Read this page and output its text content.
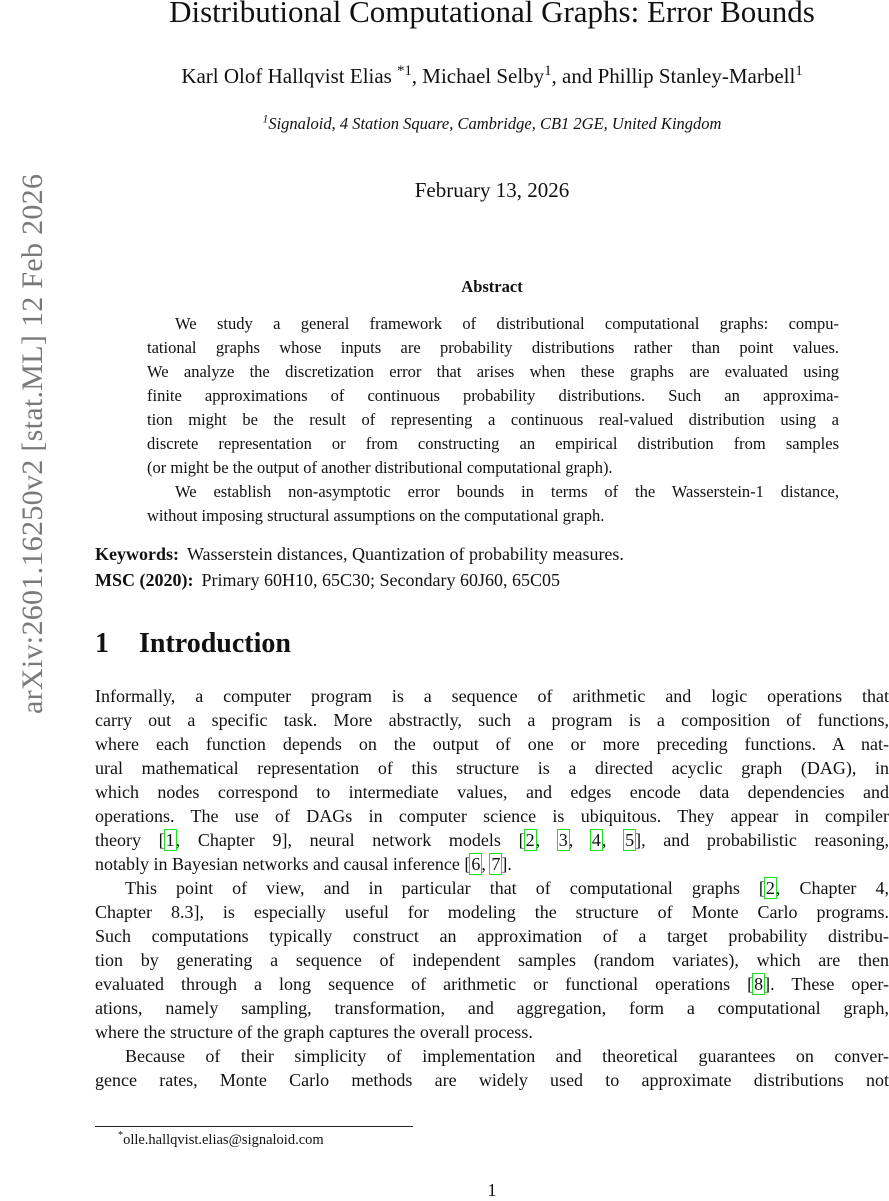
arXiv:2601.16250v2 [stat.ML] 12 Feb 2026
Distributional Computational Graphs: Error Bounds
Karl Olof Hallqvist Elias $^{*1}$, Michael Selby$^1$, and Phillip Stanley-Marbell$^1$
$^1$Signaloid, 4 Station Square, Cambridge, CB1 2GE, United Kingdom
February 13, 2026
Abstract
We study a general framework of distributional computational graphs: compu-
tational graphs whose inputs are probability distributions rather than point values.
We analyze the discretization error that arises when these graphs are evaluated using
finite approximations of continuous probability distributions. Such an approxima-
tion might be the result of representing a continuous real-valued distribution using a
discrete representation or from constructing an empirical distribution from samples
(or might be the output of another distributional computational graph).
We establish non-asymptotic error bounds in terms of the Wasserstein-1 distance,
without imposing structural assumptions on the computational graph.
Keywords: Wasserstein distances, Quantization of probability measures.
MSC (2020): Primary 60H10, 65C30; Secondary 60J60, 65C05
1 Introduction
Informally, a computer program is a sequence of arithmetic and logic operations that
carry out a specific task. More abstractly, such a program is a composition of functions,
where each function depends on the output of one or more preceding functions. A nat-
ural mathematical representation of this structure is a directed acyclic graph (DAG), in
which nodes correspond to intermediate values, and edges encode data dependencies and
operations. The use of DAGs in computer science is ubiquitous. They appear in compiler
theory [1, Chapter 9], neural network models [2, 3, 4, 5], and probabilistic reasoning,
notably in Bayesian networks and causal inference [6, 7].
This point of view, and in particular that of computational graphs [2, Chapter 4,
Chapter 8.3], is especially useful for modeling the structure of Monte Carlo programs.
Such computations typically construct an approximation of a target probability distribu-
tion by generating a sequence of independent samples (random variates), which are then
evaluated through a long sequence of arithmetic or functional operations [8]. These oper-
ations, namely sampling, transformation, and aggregation, form a computational graph,
where the structure of the graph captures the overall process.
Because of their simplicity of implementation and theoretical guarantees on conver-
gence rates, Monte Carlo methods are widely used to approximate distributions not
*olle.hallqvist.elias@signaloid.com
1
